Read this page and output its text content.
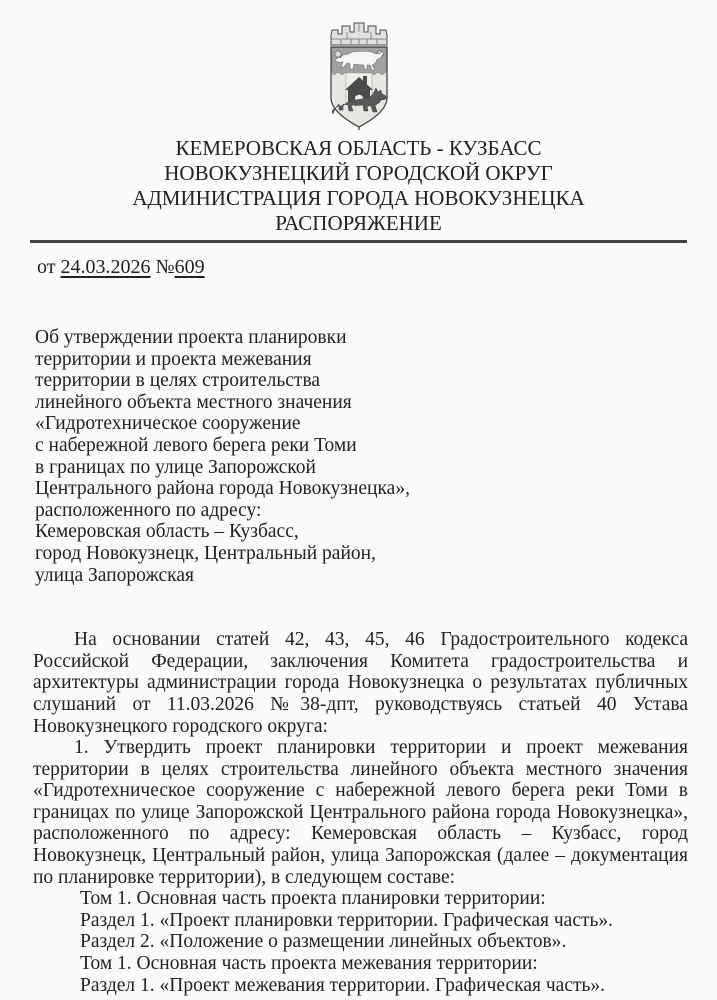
КЕМЕРОВСКАЯ ОБЛАСТЬ - КУЗБАСС
НОВОКУЗНЕЦКИЙ ГОРОДСКОЙ ОКРУГ
АДМИНИСТРАЦИЯ ГОРОДА НОВОКУЗНЕЦКА
РАСПОРЯЖЕНИЕ
от 24.03.2026 №609
Об утверждении проекта планировки
территории и проекта межевания
территории в целях строительства
линейного объекта местного значения
«Гидротехническое сооружение
с набережной левого берега реки Томи
в границах по улице Запорожской
Центрального района города Новокузнецка»,
расположенного по адресу:
Кемеровская область – Кузбасс,
город Новокузнецк, Центральный район,
улица Запорожская

На основании статей 42, 43, 45, 46 Градостроительного кодекса Российской Федерации, заключения Комитета градостроительства и архитектуры администрации города Новокузнецка о результатах публичных слушаний от 11.03.2026 №38-дпт, руководствуясь статьей 40 Устава Новокузнецкого городского округа:

1. Утвердить проект планировки территории и проект межевания территории в целях строительства линейного объекта местного значения «Гидротехническое сооружение с набережной левого берега реки Томи в границах по улице Запорожской Центрального района города Новокузнецка», расположенного по адресу: Кемеровская область – Кузбасс, город Новокузнецк, Центральный район, улица Запорожская (далее – документация по планировке территории), в следующем составе:

Том 1. Основная часть проекта планировки территории:
Раздел 1. «Проект планировки территории. Графическая часть».
Раздел 2. «Положение о размещении линейных объектов».
Том 1. Основная часть проекта межевания территории:
Раздел 1. «Проект межевания территории. Графическая часть».
